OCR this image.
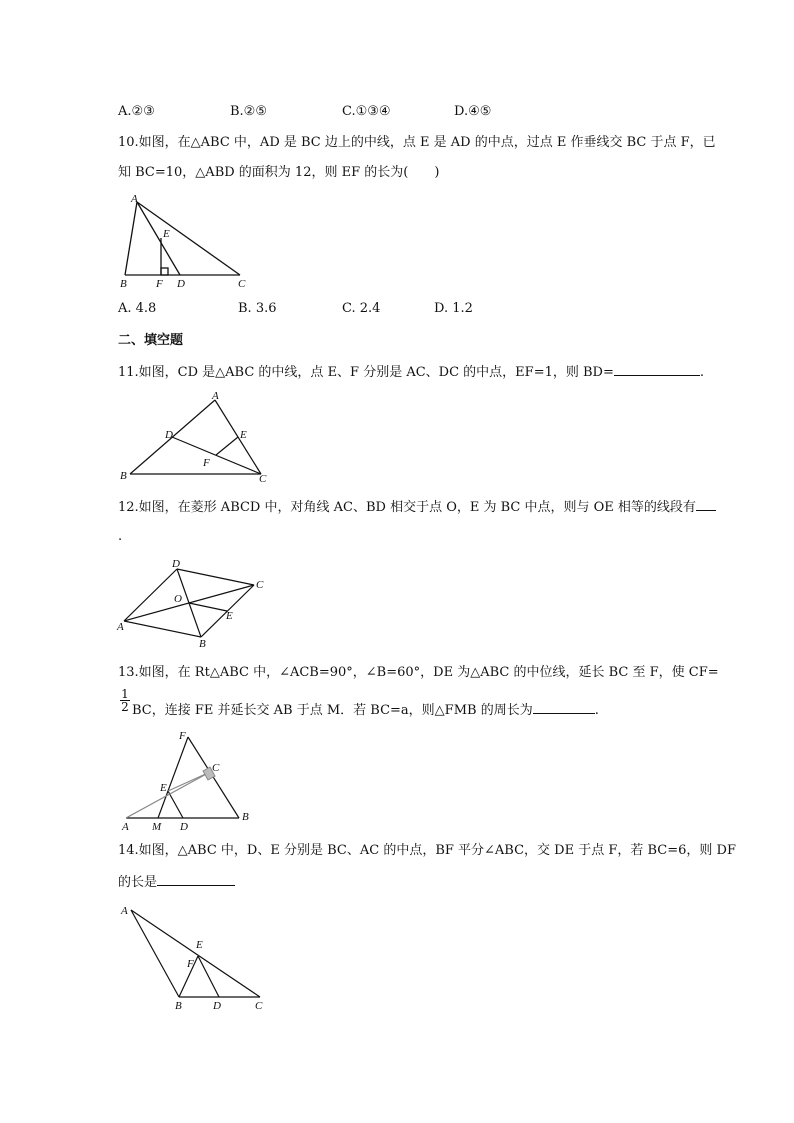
A.②③	B.②⑤	C.①③④	D.④⑤
10.如图，在△ABC 中，AD 是 BC 边上的中线，点 E 是 AD 的中点，过点 E 作垂线交 BC 于点 F，已
知 BC=10，△ABD 的面积为 12，则 EF 的长为(　　)
A
B	C
D
E
F
A. 4.8	B. 3.6	C. 2.4	D. 1.2
二、填空题
11.如图，CD 是△ABC 的中线，点 E、F 分别是 AC、DC 的中点，EF=1，则 BD=	.
A
B	C
D	E
F
12.如图，在菱形 ABCD 中，对角线 AC、BD 相交于点 O，E 为 BC 中点，则与 OE 相等的线段有
.
A
B
C
D
O
E
13.如图，在 Rt△ABC 中，∠ACB=90°，∠B=60°，DE 为△ABC 的中位线，延长 BC 至 F，使 CF=
$\frac{1}{2}$ BC，连接 FE 并延长交 AB 于点 M．若 BC=a，则△FMB 的周长为	.
F
C
E
A M D
B
14.如图，△ABC 中，D、E 分别是 BC、AC 的中点，BF 平分∠ABC，交 DE 于点 F，若 BC=6，则 DF
的长是
A
E
F
B	D	C
